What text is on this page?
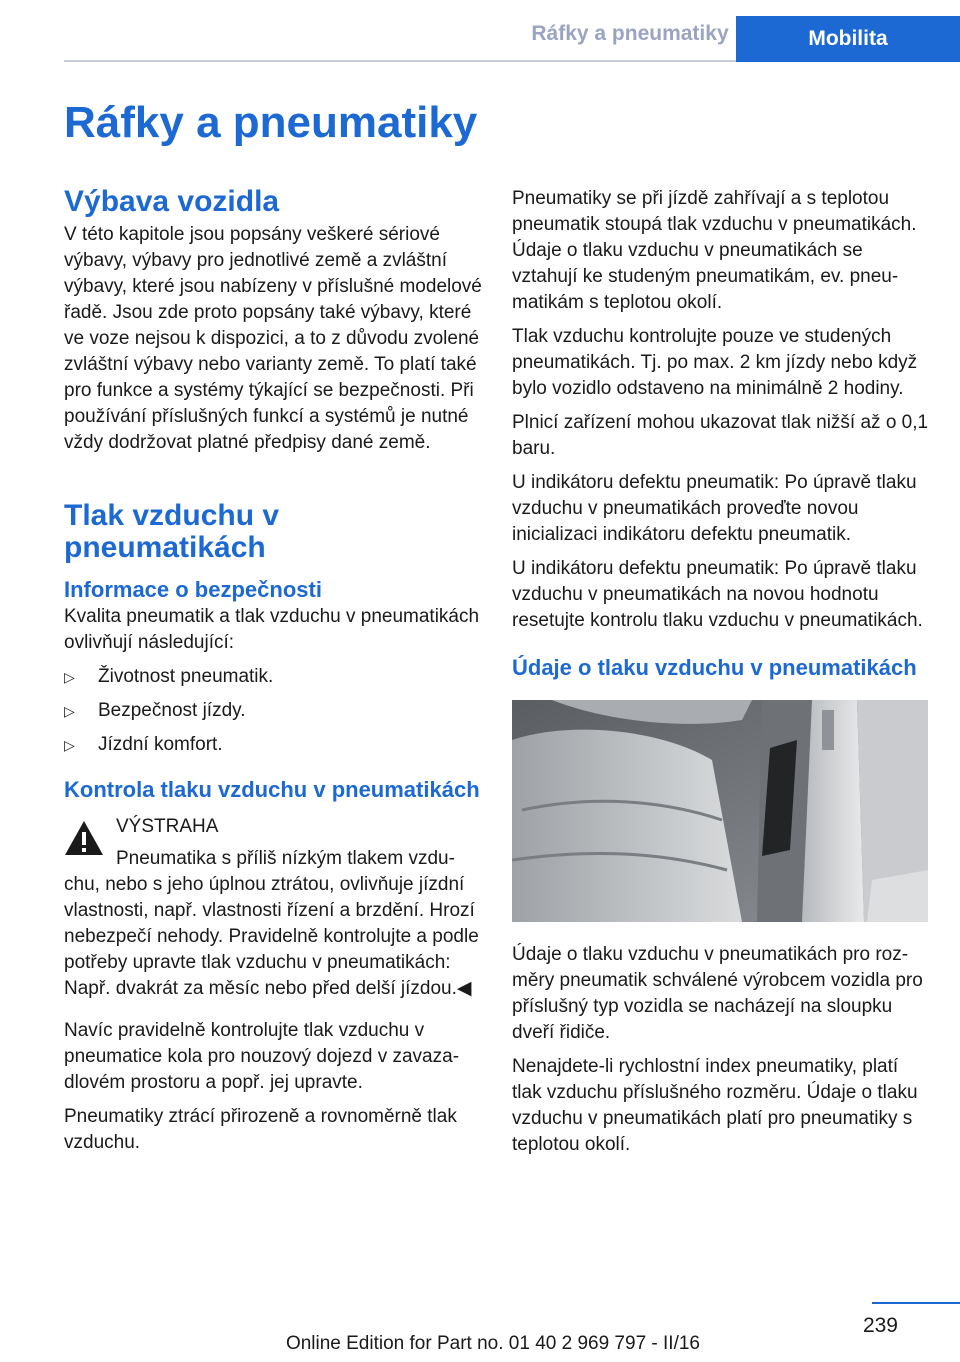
Ráfky a pneumatiky	Mobilita
Ráfky a pneumatiky
Výbava vozidla

V této kapitole jsou popsány veškeré sériové výbavy, výbavy pro jednotlivé země a zvláštní výbavy, které jsou nabízeny v příslušné modelové řadě. Jsou zde proto popsány také výbavy, které ve voze nejsou k dispozici, a to z důvodu zvolené zvláštní výbavy nebo varianty země. To platí také pro funkce a systémy týkající se bezpečnosti. Při používání příslušných funkcí a systémů je nutné vždy dodržovat platné předpisy dané země.

Tlak vzduchu v pneumatikách
Informace o bezpečnosti

Kvalita pneumatik a tlak vzduchu v pneumatikách ovlivňují následující:

▷	Životnost pneumatik.
▷	Bezpečnost jízdy.
▷	Jízdní komfort.
Kontrola tlaku vzduchu v pneumatikách
VÝSTRAHA

Pneumatika s příliš nízkým tlakem vzduchu, nebo s jeho úplnou ztrátou, ovlivňuje jízdní vlastnosti, např. vlastnosti řízení a brzdění. Hrozí nebezpečí nehody. Pravidelně kontrolujte a podle potřeby upravte tlak vzduchu v pneumatikách: Např. dvakrát za měsíc nebo před delší jízdou.◀

Navíc pravidelně kontrolujte tlak vzduchu v pneumatice kola pro nouzový dojezd v zavazadlovém prostoru a popř. jej upravte.

Pneumatiky ztrácí přirozeně a rovnoměrně tlak vzduchu.

Pneumatiky se při jízdě zahřívají a s teplotou pneumatik stoupá tlak vzduchu v pneumatikách. Údaje o tlaku vzduchu v pneumatikách se vztahují ke studeným pneumatikám, ev. pneumatikám s teplotou okolí.

Tlak vzduchu kontrolujte pouze ve studených pneumatikách. Tj. po max. 2 km jízdy nebo když bylo vozidlo odstaveno na minimálně 2 hodiny.

Plnicí zařízení mohou ukazovat tlak nižší až o 0,1 baru.

U indikátoru defektu pneumatik: Po úpravě tlaku vzduchu v pneumatikách proveďte novou inicializaci indikátoru defektu pneumatik.

U indikátoru defektu pneumatik: Po úpravě tlaku vzduchu v pneumatikách na novou hodnotu resetujte kontrolu tlaku vzduchu v pneumatikách.

Údaje o tlaku vzduchu v pneumatikách

Údaje o tlaku vzduchu v pneumatikách pro rozměry pneumatik schválené výrobcem vozidla pro příslušný typ vozidla se nacházejí na sloupku dveří řidiče.

Nenajdete-li rychlostní index pneumatiky, platí tlak vzduchu příslušného rozměru. Údaje o tlaku vzduchu v pneumatikách platí pro pneumatiky s teplotou okolí.

239
Online Edition for Part no. 01 40 2 969 797 - II/16
